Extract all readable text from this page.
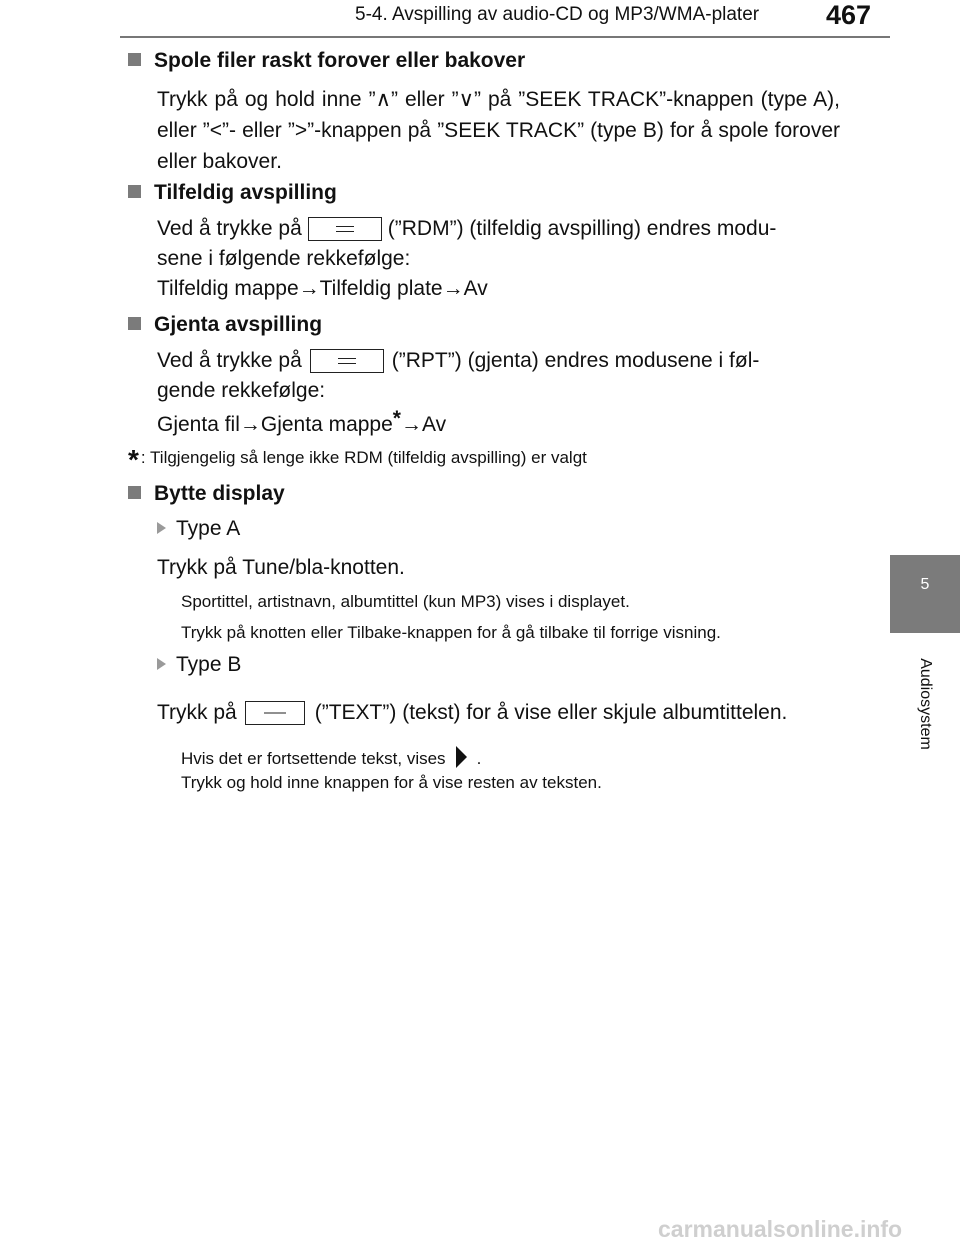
5-4. Avspilling av audio-CD og MP3/WMA-plater 467
5
Audiosystem
Spole filer raskt forover eller bakover
Trykk på og hold inne ”∧” eller ”∨” på ”SEEK TRACK”-knappen (type A), eller ”<”- eller ”>”-knappen på ”SEEK TRACK” (type B) for å spole forover eller bakover.
Tilfeldig avspilling
Ved å trykke på	(”RDM”) (tilfeldig avspilling) endres modu-
sene i følgende rekkefølge:
Tilfeldig mappe→Tilfeldig plate→Av
Gjenta avspilling
Ved å trykke på	(”RPT”) (gjenta) endres modusene i føl-
gende rekkefølge:
Gjenta fil→Gjenta mappe*→Av
* : Tilgjengelig så lenge ikke RDM (tilfeldig avspilling) er valgt
Bytte display
Type A
Trykk på Tune/bla-knotten.
Sportittel, artistnavn, albumtittel (kun MP3) vises i displayet.
Trykk på knotten eller Tilbake-knappen for å gå tilbake til forrige visning.
Type B
Trykk på	(”TEXT”) (tekst) for å vise eller skjule albumtittelen.
Hvis det er fortsettende tekst, vises .
Trykk og hold inne knappen for å vise resten av teksten.
carmanualsonline.info
